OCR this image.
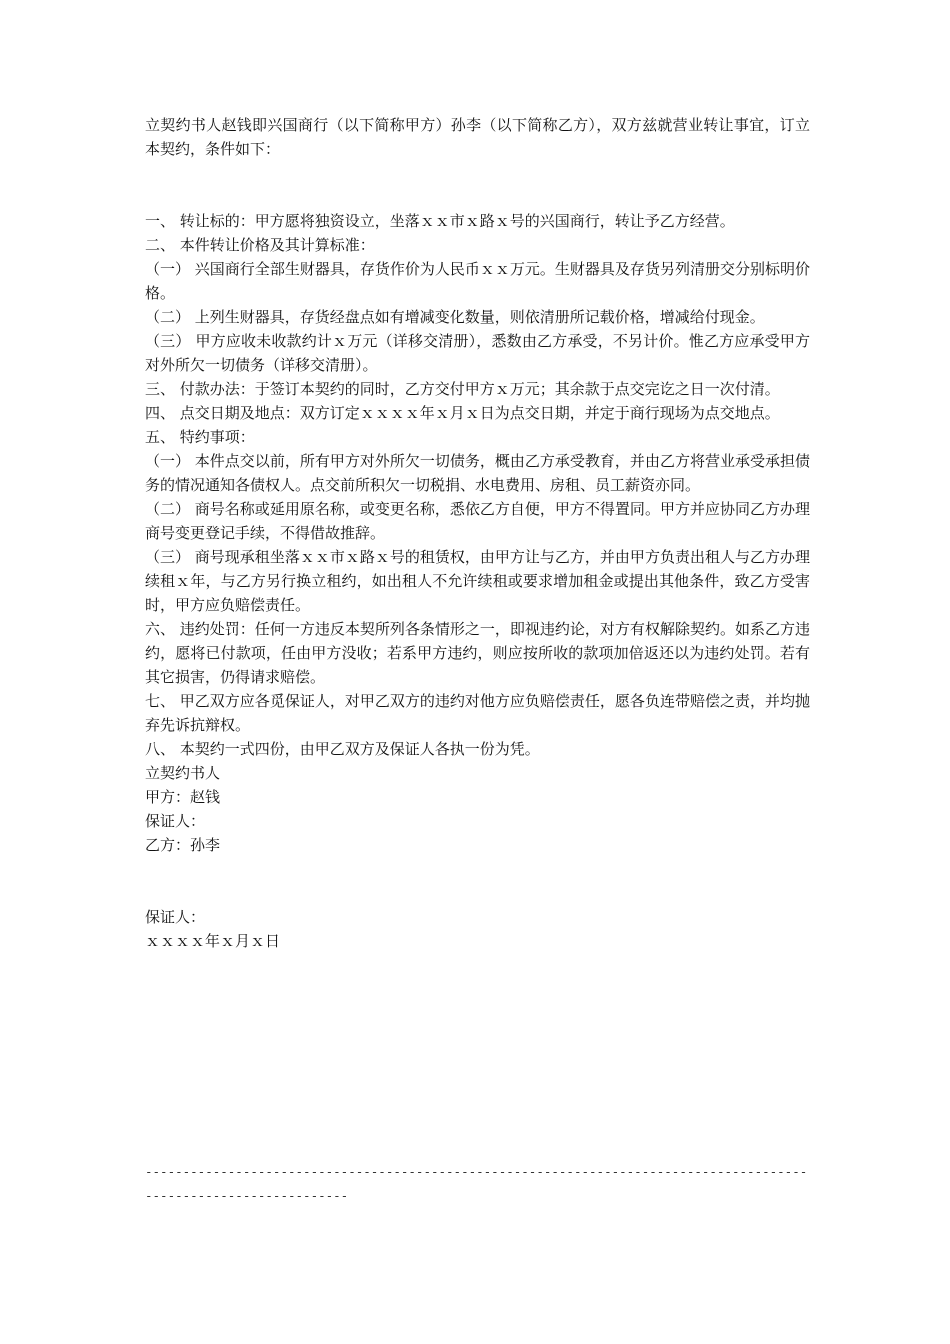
立契约书人赵钱即兴国商行（以下简称甲方）孙李（以下简称乙方），双方兹就营业转让事宜，订立本契约，条件如下：

一、 转让标的：甲方愿将独资设立，坐落ｘｘ市ｘ路ｘ号的兴国商行，转让予乙方经营。

二、 本件转让价格及其计算标准：

（一） 兴国商行全部生财器具，存货作价为人民币ｘｘ万元。生财器具及存货另列清册交分别标明价格。

（二） 上列生财器具，存货经盘点如有增减变化数量，则依清册所记载价格，增减给付现金。

（三） 甲方应收未收款约计ｘ万元（详移交清册），悉数由乙方承受，不另计价。惟乙方应承受甲方对外所欠一切债务（详移交清册）。

三、 付款办法：于签订本契约的同时，乙方交付甲方ｘ万元；其余款于点交完讫之日一次付清。

四、 点交日期及地点：双方订定ｘｘｘｘ年ｘ月ｘ日为点交日期，并定于商行现场为点交地点。

五、 特约事项：

（一） 本件点交以前，所有甲方对外所欠一切债务，概由乙方承受教育，并由乙方将营业承受承担债务的情况通知各债权人。点交前所积欠一切税捐、水电费用、房租、员工薪资亦同。

（二） 商号名称或延用原名称，或变更名称，悉依乙方自便，甲方不得置同。甲方并应协同乙方办理商号变更登记手续，不得借故推辞。

（三） 商号现承租坐落ｘｘ市ｘ路ｘ号的租赁权，由甲方让与乙方，并由甲方负责出租人与乙方办理续租ｘ年，与乙方另行换立租约，如出租人不允许续租或要求增加租金或提出其他条件，致乙方受害时，甲方应负赔偿责任。

六、 违约处罚：任何一方违反本契所列各条情形之一，即视违约论，对方有权解除契约。如系乙方违约，愿将已付款项，任由甲方没收；若系甲方违约，则应按所收的款项加倍返还以为违约处罚。若有其它损害，仍得请求赔偿。

七、 甲乙双方应各觅保证人，对甲乙双方的违约对他方应负赔偿责任，愿各负连带赔偿之责，并均抛弃先诉抗辩权。

八、 本契约一式四份，由甲乙双方及保证人各执一份为凭。

立契约书人

甲方：赵钱

保证人：

乙方：孙李

保证人：

ｘｘｘｘ年ｘ月ｘ日

-------------------------------------------------------------------------------------------------------------------
